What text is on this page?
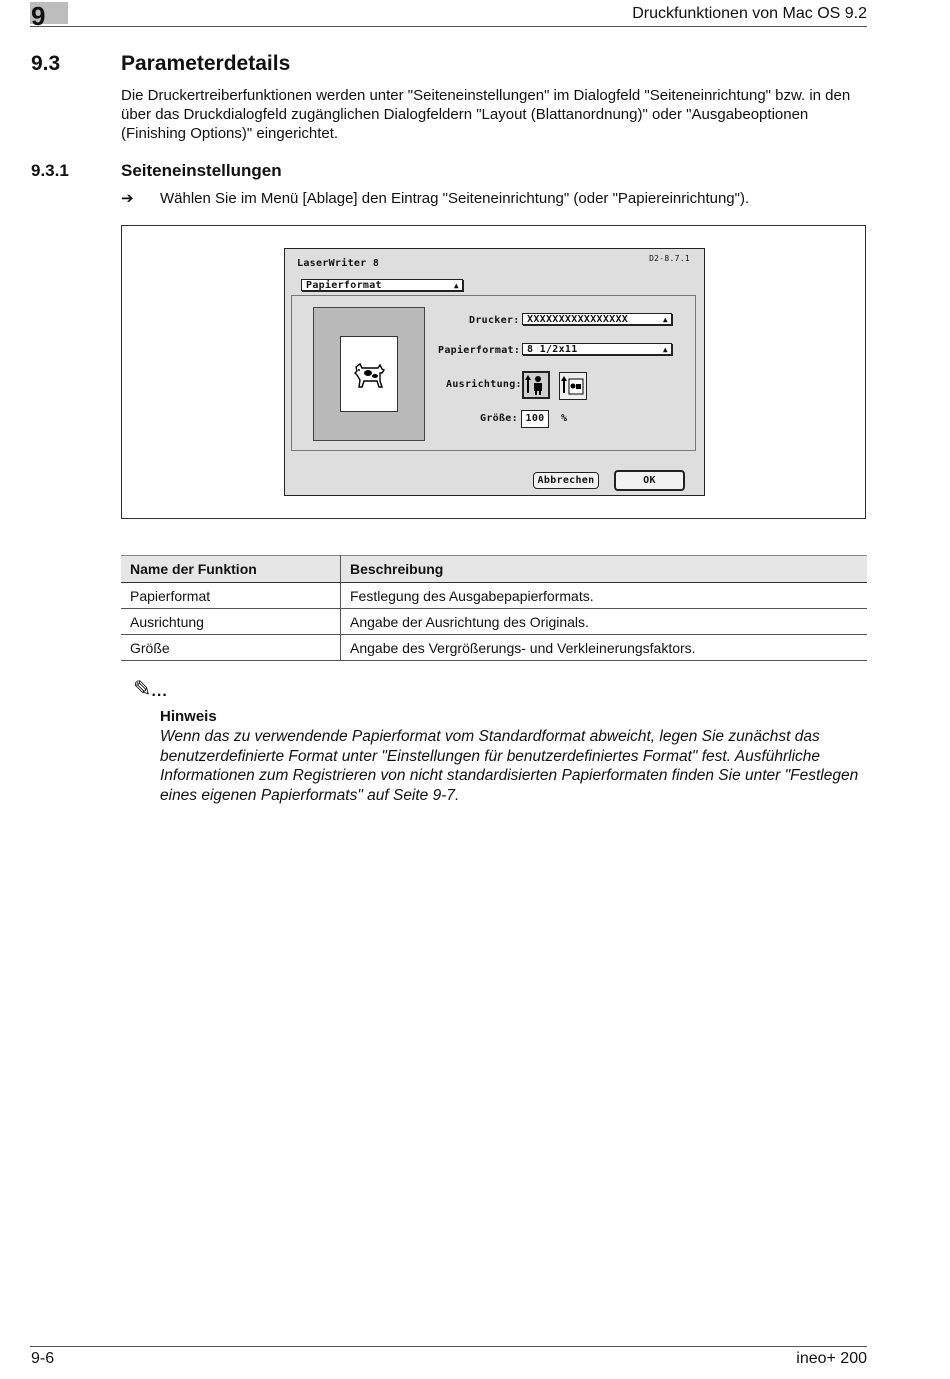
9	Druckfunktionen von Mac OS 9.2
9.3	Parameterdetails
Die Druckertreiberfunktionen werden unter "Seiteneinstellungen" im Dialogfeld "Seiteneinrichtung" bzw. in den über das Druckdialogfeld zugänglichen Dialogfeldern "Layout (Blattanordnung)" oder "Ausgabeoptionen (Finishing Options)" eingerichtet.
9.3.1	Seiteneinstellungen
➔ Wählen Sie im Menü [Ablage] den Eintrag "Seiteneinrichtung" (oder "Papiereinrichtung").
LaserWriter 8	D2-8.7.1
Papierformat	▲

Drucker: XXXXXXXXXXXXXXXX	▲
Papierformat: 8 1/2x11	▲
Ausrichtung:
Größe: 100	%
Abbrechen	OK
Name der Funktion	Beschreibung
Papierformat	Festlegung des Ausgabepapierformats.
Ausrichtung	Angabe der Ausrichtung des Originals.
Größe	Angabe des Vergrößerungs- und Verkleinerungsfaktors.
✎...
Hinweis
Wenn das zu verwendende Papierformat vom Standardformat abweicht, legen Sie zunächst das benutzerdefinierte Format unter "Einstellungen für benutzerdefiniertes Format" fest. Ausführliche Informationen zum Registrieren von nicht standardisierten Papierformaten finden Sie unter "Festlegen eines eigenen Papierformats" auf Seite 9-7.
9-6	ineo+ 200
